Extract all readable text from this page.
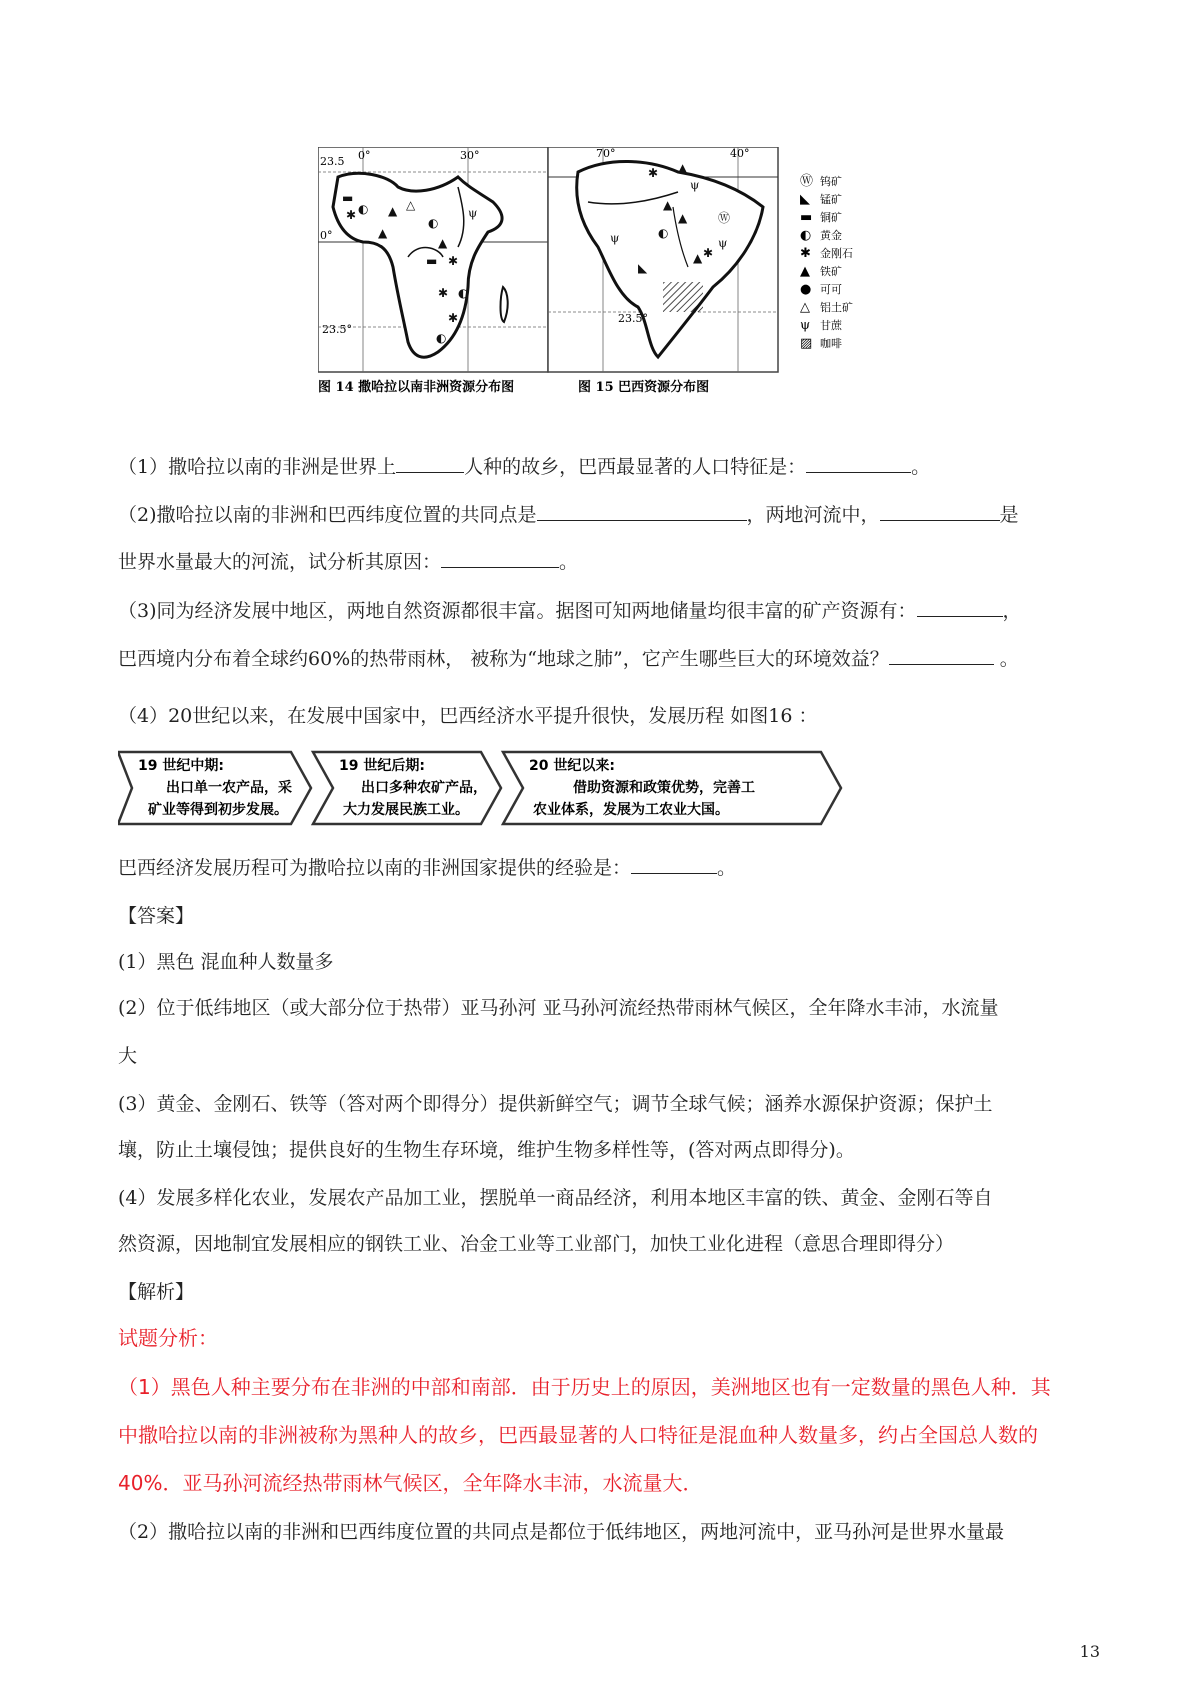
23.5 0°	30°
0°
23.5°
▬
✱ ◐ ▲ △
▲
◐
▲
▬ ✱
✱ ◐
✱
◐
ψ
70°	40°
23.5°
✱ ▲
▲
ψ
Ⓦ
ψ	◐
◣
▲ ✱
ψ
▲
Ⓦ 钨矿
◣ 锰矿
▬ 铜矿
◐ 黄金
✱ 金刚石
▲ 铁矿
● 可可
△ 铝土矿
ψ 甘蔗
▨ 咖啡
图 14 撒哈拉以南非洲资源分布图	图 15 巴西资源分布图
（1）撒哈拉以南的非洲是世界上	人种的故乡，巴西最显著的人口特征是：	。
（2)撒哈拉以南的非洲和巴西纬度位置的共同点是	，两地河流中，	是
世界水量最大的河流，试分析其原因：	。
（3)同为经济发展中地区，两地自然资源都很丰富。据图可知两地储量均很丰富的矿产资源有：	，
巴西境内分布着全球约60%的热带雨林， 被称为“地球之肺”，它产生哪些巨大的环境效益？	。
（4）20世纪以来，在发展中国家中，巴西经济水平提升很快，发展历程 如图16 ：
19 世纪中期:
出口单一农产品，采
矿业等得到初步发展。
19 世纪后期:
出口多种农矿产品，
大力发展民族工业。
20 世纪以来:
借助资源和政策优势，完善工
农业体系，发展为工农业大国。
巴西经济发展历程可为撒哈拉以南的非洲国家提供的经验是：	。
【答案】
(1）黑色 混血种人数量多
(2）位于低纬地区（或大部分位于热带）亚马孙河 亚马孙河流经热带雨林气候区，全年降水丰沛，水流量
大
(3）黄金、金刚石、铁等（答对两个即得分）提供新鲜空气；调节全球气候；涵养水源保护资源；保护土
壤，防止土壤侵蚀；提供良好的生物生存环境，维护生物多样性等，(答对两点即得分)。
(4）发展多样化农业，发展农产品加工业，摆脱单一商品经济，利用本地区丰富的铁、黄金、金刚石等自
然资源，因地制宜发展相应的钢铁工业、冶金工业等工业部门，加快工业化进程（意思合理即得分）
【解析】
试题分析：
（1）黑色人种主要分布在非洲的中部和南部．由于历史上的原因，美洲地区也有一定数量的黑色人种．其
中撒哈拉以南的非洲被称为黑种人的故乡，巴西最显著的人口特征是混血种人数量多，约占全国总人数的
40%．亚马孙河流经热带雨林气候区，全年降水丰沛，水流量大．
（2）撒哈拉以南的非洲和巴西纬度位置的共同点是都位于低纬地区，两地河流中，亚马孙河是世界水量最
13
